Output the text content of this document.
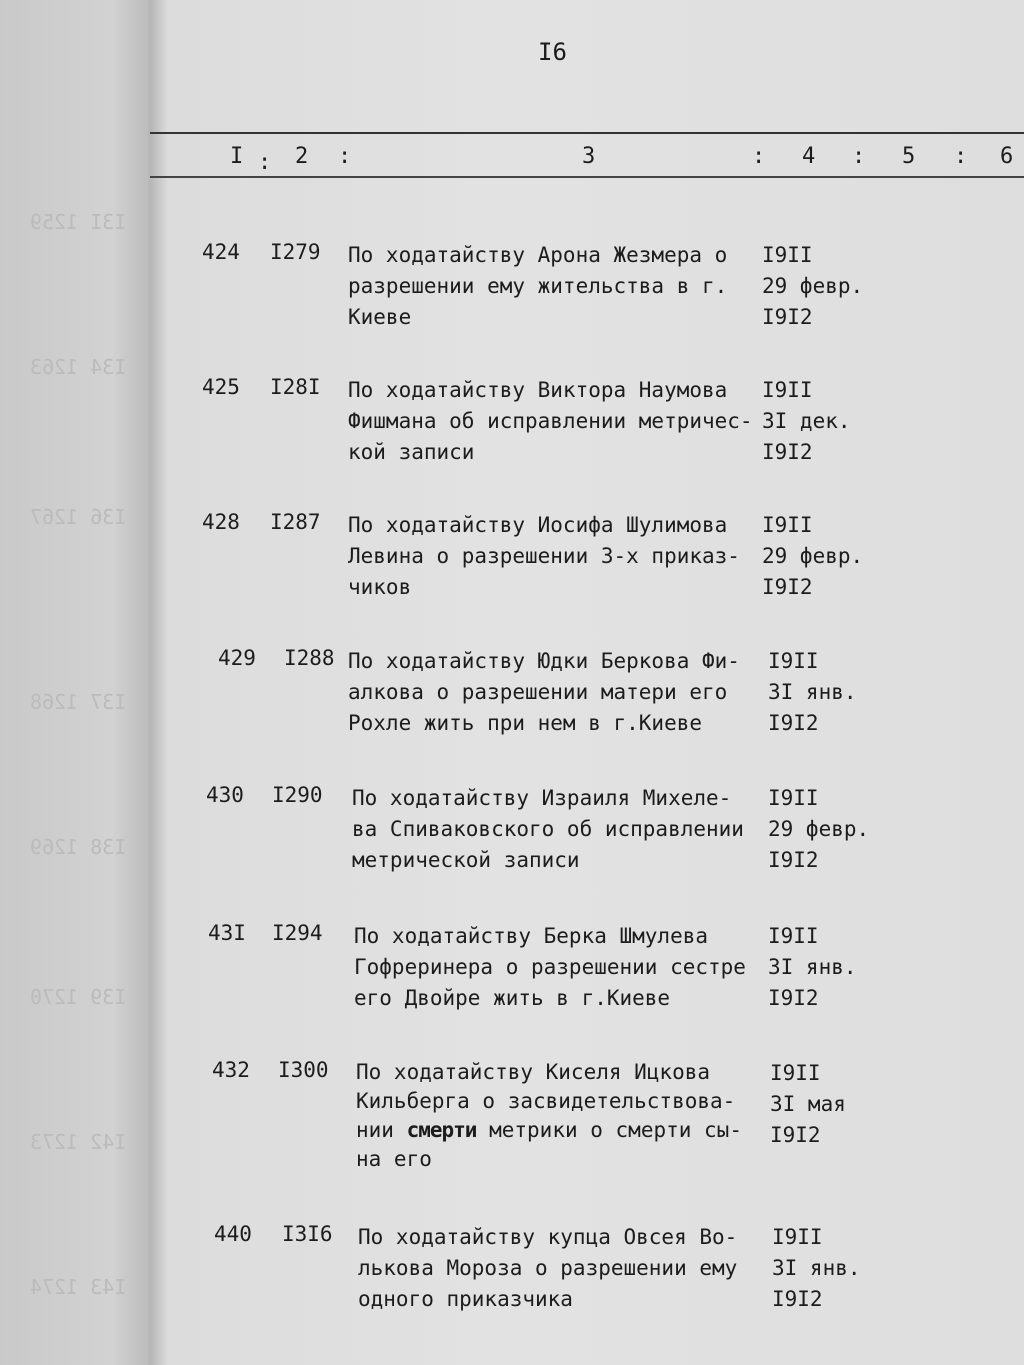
I3I 1259
I34 1263
I36 1267
I37 1268
I38 1269
I39 1270
I42 1273
I43 1274
I6
I : 2 :	3	: 4 : 5 : 6
424 I279 По ходатайству Арона Жезмера о
разрешении ему жительства в г.
Киеве
I9II
29 февр.
I9I2
425 I28I По ходатайству Виктора Наумова
Фишмана об исправлении метричес-
кой записи
I9II
3I дек.
I9I2
428 I287 По ходатайству Иосифа Шулимова
Левина о разрешении 3-х приказ-
чиков
I9II
29 февр.
I9I2
429 I288 По ходатайству Юдки Беркова Фи-
алкова о разрешении матери его
Рохле жить при нем в г.Киеве
I9II
3I янв.
I9I2
430 I290 По ходатайству Израиля Михеле-
ва Спиваковского об исправлении
метрической записи
I9II
29 февр.
I9I2
43I I294 По ходатайству Берка Шмулева
Гофреринера о разрешении сестре
его Двойре жить в г.Киеве
I9II
3I янв.
I9I2
432 I300 По ходатайству Киселя Ицкова
Кильберга о засвидетельствова-
нии смерти метрики о смерти сы-
на его
I9II
3I мая
I9I2
440 I3I6 По ходатайству купца Овсея Во-
лькова Мороза о разрешении ему
одного приказчика
I9II
3I янв.
I9I2
